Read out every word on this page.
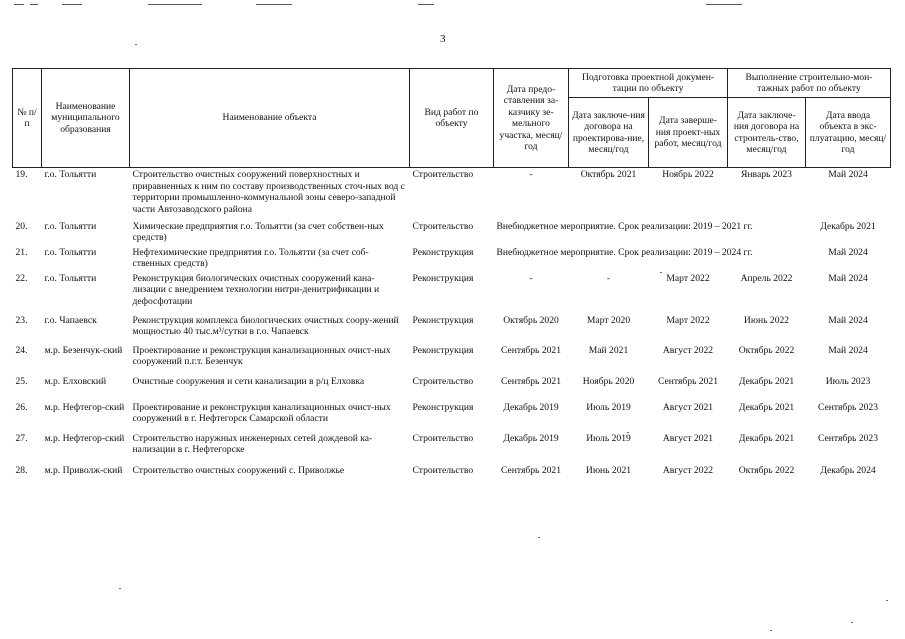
3
№ п/п	Наименование муниципального образования	Наименование объекта	Вид работ по объекту	Дата предо-ставления за-казчику зе-мельного участка, месяц/год	Подготовка проектной докумен-тации по объекту		Выполнение строительно-мон-тажных работ по объекту	
					Дата заключе-ния договора на проектирова-ние, месяц/год	Дата заверше-ния проект-ных работ, месяц/год	Дата заключе-ния договора на строитель-ство, месяц/год	Дата ввода объекта в экс-плуатацию, месяц/год
19.	г.о. Тольятти	Строительство очистных сооружений поверхностных и приравненных к ним по составу производственных сточ-ных вод с территории промышленно-коммунальной зоны северо-западной части Автозаводского района	Строительство	-	Октябрь 2021	Ноябрь 2022	Январь 2023	Май 2024
20.	г.о. Тольятти	Химические предприятия г.о. Тольятти (за счет собствен-ных средств)	Строительство	Внебюджетное мероприятие. Срок реализации: 2019 – 2021 гг.				Декабрь 2021
21.	г.о. Тольятти	Нефтехимические предприятия г.о. Тольятти (за счет соб-ственных средств)	Реконструкция	Внебюджетное мероприятие. Срок реализации: 2019 – 2024 гг.				Май 2024
22.	г.о. Тольятти	Реконструкция биологических очистных сооружений кана-лизации с внедрением технологии нитри-денитрификации и дефосфотации	Реконструкция	-	-	Март 2022	Апрель 2022	Май 2024
23.	г.о. Чапаевск	Реконструкция комплекса биологических очистных соору-жений мощностью 40 тыс.м³/сутки в г.о. Чапаевск	Реконструкция	Октябрь 2020	Март 2020	Март 2022	Июнь 2022	Май 2024
24.	м.р. Безенчук-ский	Проектирование и реконструкция канализационных очист-ных сооружений п.г.т. Безенчук	Реконструкция	Сентябрь 2021	Май 2021	Август 2022	Октябрь 2022	Май 2024
25.	м.р. Елховский	Очистные сооружения и сети канализации в р/ц Елховка	Строительство	Сентябрь 2021	Ноябрь 2020	Сентябрь 2021	Декабрь 2021	Июль 2023
26.	м.р. Нефтегор-ский	Проектирование и реконструкция канализационных очист-ных сооружений в г. Нефтегорск Самарской области	Реконструкция	Декабрь 2019	Июль 2019	Август 2021	Декабрь 2021	Сентябрь 2023
27.	м.р. Нефтегор-ский	Строительство наружных инженерных сетей дождевой ка-нализации в г. Нефтегорске	Строительство	Декабрь 2019	Июль 2019	Август 2021	Декабрь 2021	Сентябрь 2023
28.	м.р. Приволж-ский	Строительство очистных сооружений с. Приволжье	Строительство	Сентябрь 2021	Июнь 2021	Август 2022	Октябрь 2022	Декабрь 2024
